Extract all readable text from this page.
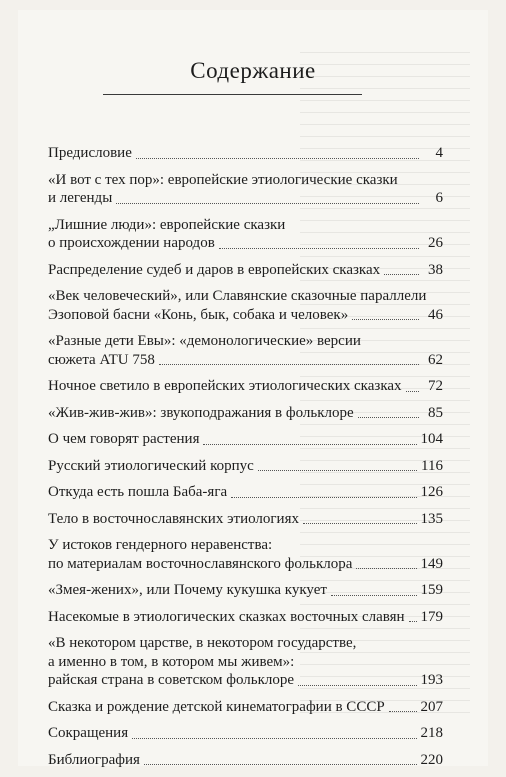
Содержание
Предисловие	4
«И вот с тех пор»: европейские этиологические сказки
и легенды	6
„Лишние люди»: европейские сказки
о происхождении народов	26
Распределение судеб и даров в европейских сказках	38
«Век человеческий», или Славянские сказочные параллели
Эзоповой басни «Конь, бык, собака и человек»	46
«Разные дети Евы»: «демонологические» версии
сюжета ATU 758	62
Ночное светило в европейских этиологических сказках	72
«Жив-жив-жив»: звукоподражания в фольклоре	85
О чем говорят растения	104
Русский этиологический корпус	116
Откуда есть пошла Баба-яга	126
Тело в восточнославянских этиологиях	135
У истоков гендерного неравенства:
по материалам восточнославянского фольклора	149
«Змея-жених», или Почему кукушка кукует	159
Насекомые в этиологических сказках восточных славян 179
«В некотором царстве, в некотором государстве,
а именно в том, в котором мы живем»:
райская страна в советском фольклоре	193
Сказка и рождение детской кинематографии в СССР 207
Сокращения	218
Библиография	220
